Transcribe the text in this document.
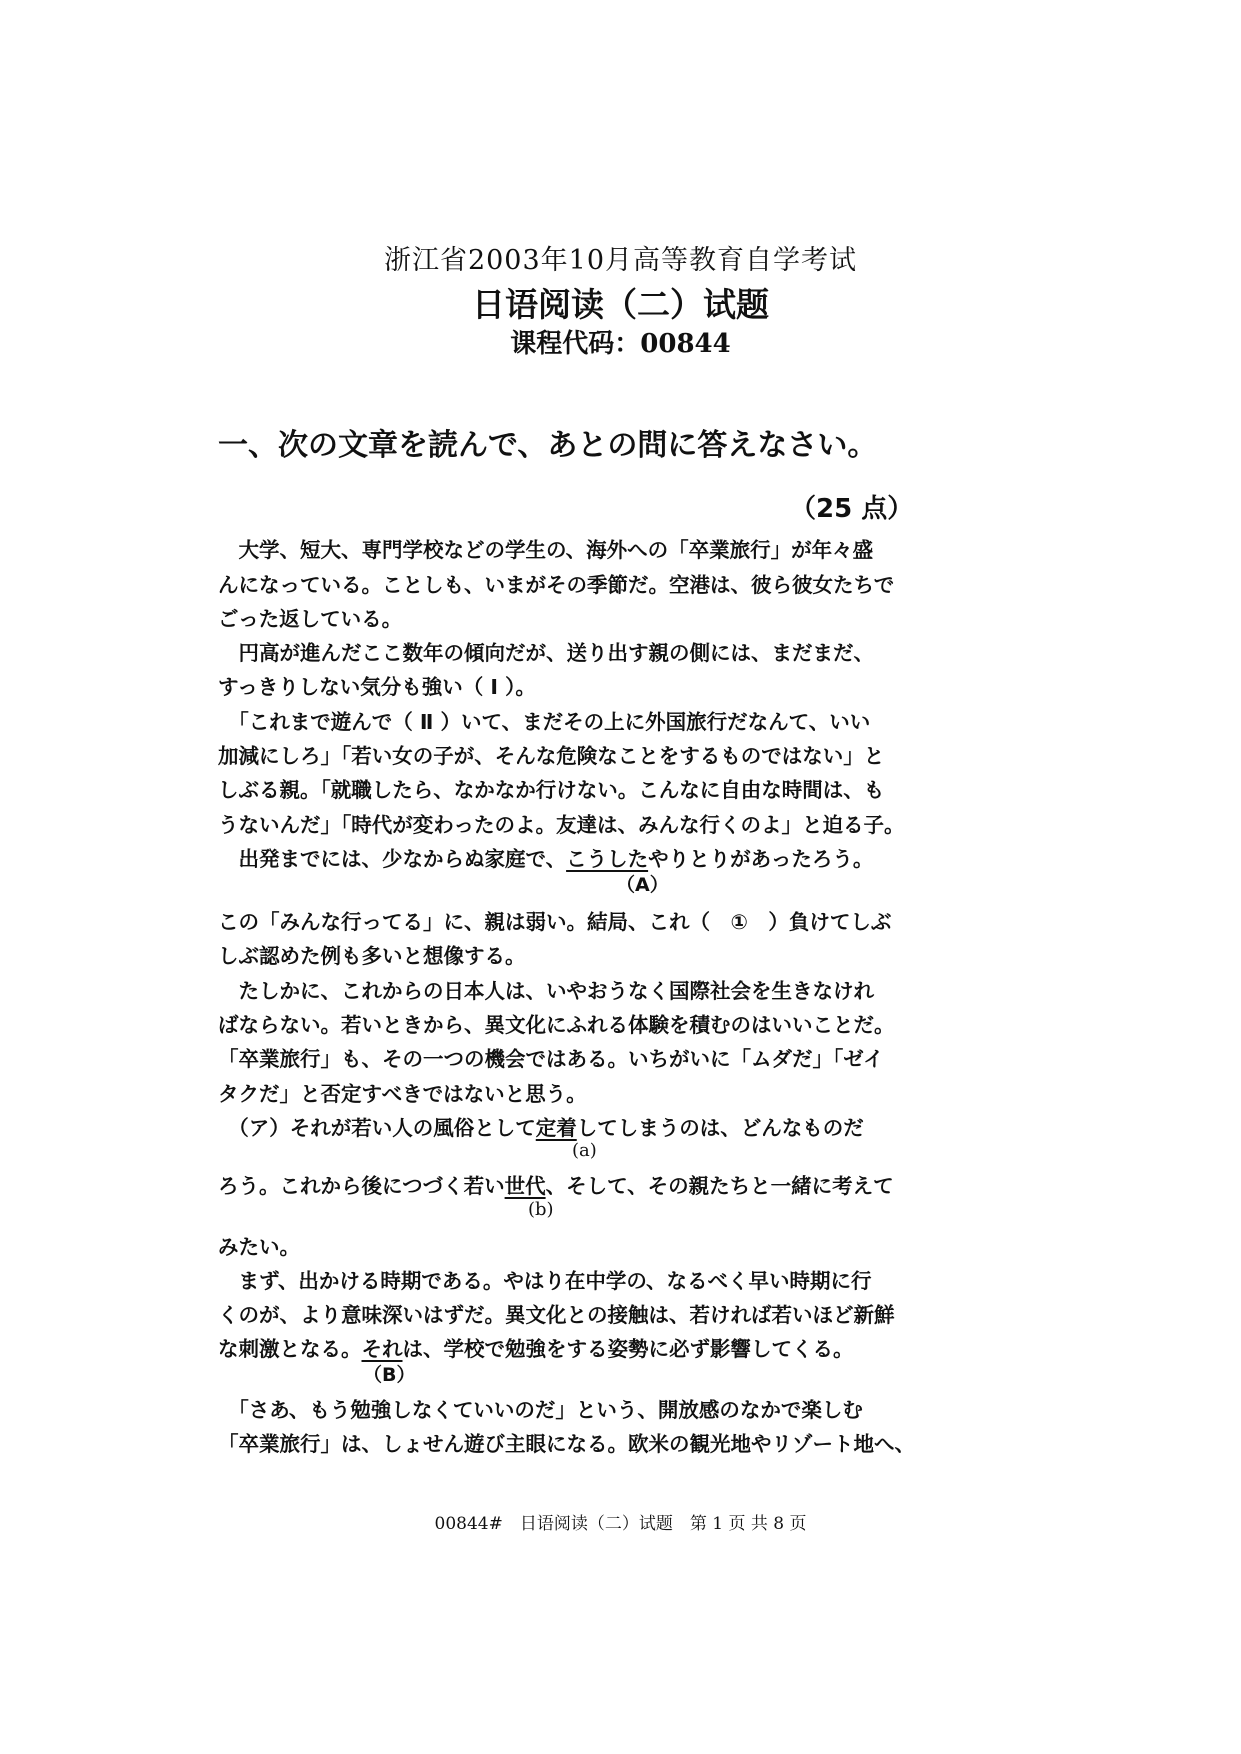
浙江省2003年10月高等教育自学考试
日语阅读（二）试题
课程代码：00844
一、次の文章を読んで、あとの問に答えなさい。
（25 点）
　大学、短大、専門学校などの学生の、海外への「卒業旅行」が年々盛
んになっている。ことしも、いまがその季節だ。空港は、彼ら彼女たちで
ごった返している。
　円高が進んだここ数年の傾向だが、送り出す親の側には、まだまだ、
すっきりしない気分も強い（ Ⅰ ）。
　「これまで遊んで（ Ⅱ ）いて、まだその上に外国旅行だなんて、いい
加減にしろ」「若い女の子が、そんな危険なことをするものではない」と
しぶる親。「就職したら、なかなか行けない。こんなに自由な時間は、も
うないんだ」「時代が変わったのよ。友達は、みんな行くのよ」と迫る子。
　出発までには、少なからぬ家庭で、こうしたやりとりがあったろう。
（A）
この「みんな行ってる」に、親は弱い。結局、これ（　①　）負けてしぶ
しぶ認めた例も多いと想像する。
　たしかに、これからの日本人は、いやおうなく国際社会を生きなけれ
ばならない。若いときから、異文化にふれる体験を積むのはいいことだ。
「卒業旅行」も、その一つの機会ではある。いちがいに「ムダだ」「ゼイ
タクだ」と否定すべきではないと思う。
　（ア）それが若い人の風俗として定着してしまうのは、どんなものだ
(a)
ろう。これから後につづく若い世代、そして、その親たちと一緒に考えて
(b)
みたい。
　まず、出かける時期である。やはり在中学の、なるべく早い時期に行
くのが、より意味深いはずだ。異文化との接触は、若ければ若いほど新鮮
な刺激となる。それは、学校で勉強をする姿勢に必ず影響してくる。
（B）
　「さあ、もう勉強しなくていいのだ」という、開放感のなかで楽しむ
「卒業旅行」は、しょせん遊び主眼になる。欧米の観光地やリゾート地へ、
00844#　日语阅读（二）试题　第 1 页 共 8 页
